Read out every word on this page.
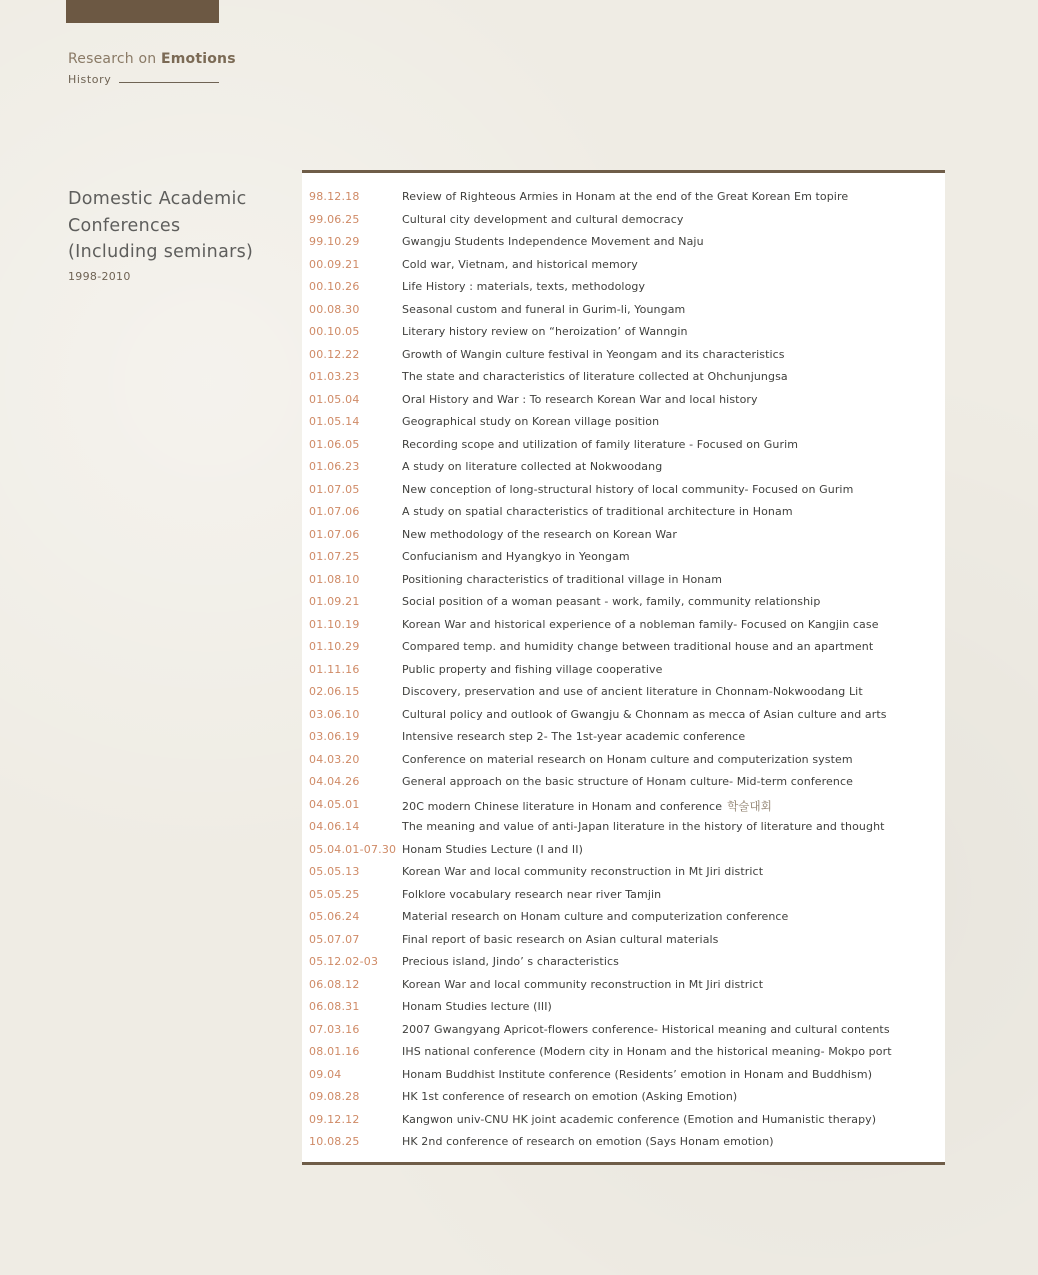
Research on Emotions
History
Domestic Academic Conferences (Including seminars)
1998-2010
98.12.18	Review of Righteous Armies in Honam at the end of the Great Korean Em topire
99.06.25	Cultural city development and cultural democracy
99.10.29	Gwangju Students Independence Movement and Naju
00.09.21	Cold war, Vietnam, and historical memory
00.10.26	Life History : materials, texts, methodology
00.08.30	Seasonal custom and funeral in Gurim-li, Youngam
00.10.05	Literary history review on “heroization’ of Wanngin
00.12.22	Growth of Wangin culture festival in Yeongam and its characteristics
01.03.23	The state and characteristics of literature collected at Ohchunjungsa
01.05.04	Oral History and War : To research Korean War and local history
01.05.14	Geographical study on Korean village position
01.06.05	Recording scope and utilization of family literature - Focused on Gurim
01.06.23	A study on literature collected at Nokwoodang
01.07.05	New conception of long-structural history of local community- Focused on Gurim
01.07.06	A study on spatial characteristics of traditional architecture in Honam
01.07.06	New methodology of the research on Korean War
01.07.25	Confucianism and Hyangkyo in Yeongam
01.08.10	Positioning characteristics of traditional village in Honam
01.09.21	Social position of a woman peasant - work, family, community relationship
01.10.19	Korean War and historical experience of a nobleman family- Focused on Kangjin case
01.10.29	Compared temp. and humidity change between traditional house and an apartment
01.11.16	Public property and fishing village cooperative
02.06.15	Discovery, preservation and use of ancient literature in Chonnam-Nokwoodang Lit
03.06.10	Cultural policy and outlook of Gwangju & Chonnam as mecca of Asian culture and arts
03.06.19	Intensive research step 2- The 1st-year academic conference
04.03.20	Conference on material research on Honam culture and computerization system
04.04.26	General approach on the basic structure of Honam culture- Mid-term conference
04.05.01	20C modern Chinese literature in Honam and conference 학술대회
04.06.14	The meaning and value of anti-Japan literature in the history of literature and thought
05.04.01-07.30 Honam Studies Lecture (I and II)
05.05.13	Korean War and local community reconstruction in Mt Jiri district
05.05.25	Folklore vocabulary research near river Tamjin
05.06.24	Material research on Honam culture and computerization conference
05.07.07	Final report of basic research on Asian cultural materials
05.12.02-03 Precious island, Jindo’ s characteristics
06.08.12	Korean War and local community reconstruction in Mt Jiri district
06.08.31	Honam Studies lecture (III)
07.03.16	2007 Gwangyang Apricot-flowers conference- Historical meaning and cultural contents
08.01.16	IHS national conference (Modern city in Honam and the historical meaning- Mokpo port
09.04	Honam Buddhist Institute conference (Residents’ emotion in Honam and Buddhism)
09.08.28	HK 1st conference of research on emotion (Asking Emotion)
09.12.12	Kangwon univ-CNU HK joint academic conference (Emotion and Humanistic therapy)
10.08.25	HK 2nd conference of research on emotion (Says Honam emotion)
